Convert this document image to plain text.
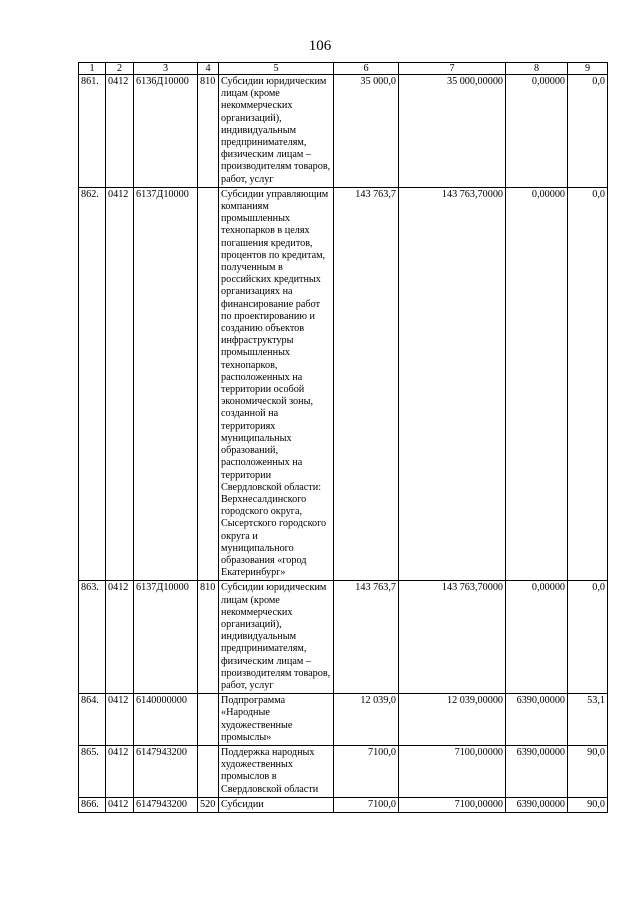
106
1	2	3	4	5	6	7	8	9
861.	0412	6136Д10000	810	Субсидии юридическим лицам (кроме некоммерческих организаций), индивидуальным предпринимателям, физическим лицам – производителям товаров, работ, услуг	35 000,0	35 000,00000	0,00000	0,0
862.	0412	6137Д10000		Субсидии управляющим компаниям промышленных технопарков в целях погашения кредитов, процентов по кредитам, полученным в российских кредитных организациях на финансирование работ по проектированию и созданию объектов инфраструктуры промышленных технопарков, расположенных на территории особой экономической зоны, созданной на территориях муниципальных образований, расположенных на территории Свердловской области: Верхнесалдинского городского округа, Сысертского городского округа и муниципального образования «город Екатеринбург»	143 763,7	143 763,70000	0,00000	0,0
863.	0412	6137Д10000	810	Субсидии юридическим лицам (кроме некоммерческих организаций), индивидуальным предпринимателям, физическим лицам – производителям товаров, работ, услуг	143 763,7	143 763,70000	0,00000	0,0
864.	0412	6140000000		Подпрограмма «Народные художественные промыслы»	12 039,0	12 039,00000	6390,00000	53,1
865.	0412	6147943200		Поддержка народных художественных промыслов в Свердловской области	7100,0	7100,00000	6390,00000	90,0
866.	0412	6147943200	520	Субсидии	7100,0	7100,00000	6390,00000	90,0
